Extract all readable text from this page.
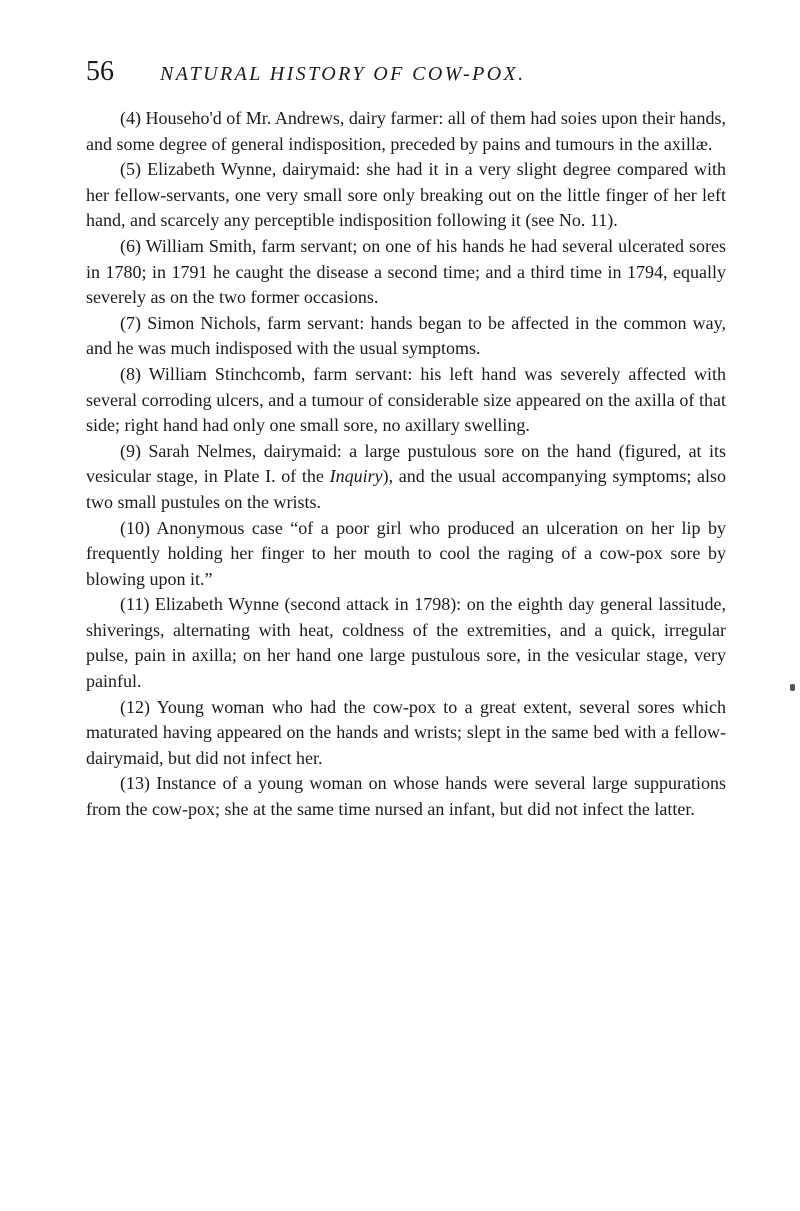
56 NATURAL HISTORY OF COW-POX.

(4) Househo'd of Mr. Andrews, dairy farmer: all of them had soies upon their hands, and some degree of general indisposition, preceded by pains and tumours in the axillæ.

(5) Elizabeth Wynne, dairymaid: she had it in a very slight degree compared with her fellow-servants, one very small sore only breaking out on the little finger of her left hand, and scarcely any perceptible indisposition following it (see No. 11).

(6) William Smith, farm servant; on one of his hands he had several ulcerated sores in 1780; in 1791 he caught the disease a second time; and a third time in 1794, equally severely as on the two former occasions.

(7) Simon Nichols, farm servant: hands began to be affected in the common way, and he was much indisposed with the usual symptoms.

(8) William Stinchcomb, farm servant: his left hand was severely affected with several corroding ulcers, and a tumour of considerable size appeared on the axilla of that side; right hand had only one small sore, no axillary swelling.

(9) Sarah Nelmes, dairymaid: a large pustulous sore on the hand (figured, at its vesicular stage, in Plate I. of the Inquiry), and the usual accompanying symptoms; also two small pustules on the wrists.

(10) Anonymous case “of a poor girl who produced an ulceration on her lip by frequently holding her finger to her mouth to cool the raging of a cow-pox sore by blowing upon it.”

(11) Elizabeth Wynne (second attack in 1798): on the eighth day general lassitude, shiverings, alternating with heat, coldness of the extremities, and a quick, irregular pulse, pain in axilla; on her hand one large pustulous sore, in the vesicular stage, very painful.

(12) Young woman who had the cow-pox to a great extent, several sores which maturated having appeared on the hands and wrists; slept in the same bed with a fellow-dairymaid, but did not infect her.

(13) Instance of a young woman on whose hands were several large suppurations from the cow-pox; she at the same time nursed an infant, but did not infect the latter.
